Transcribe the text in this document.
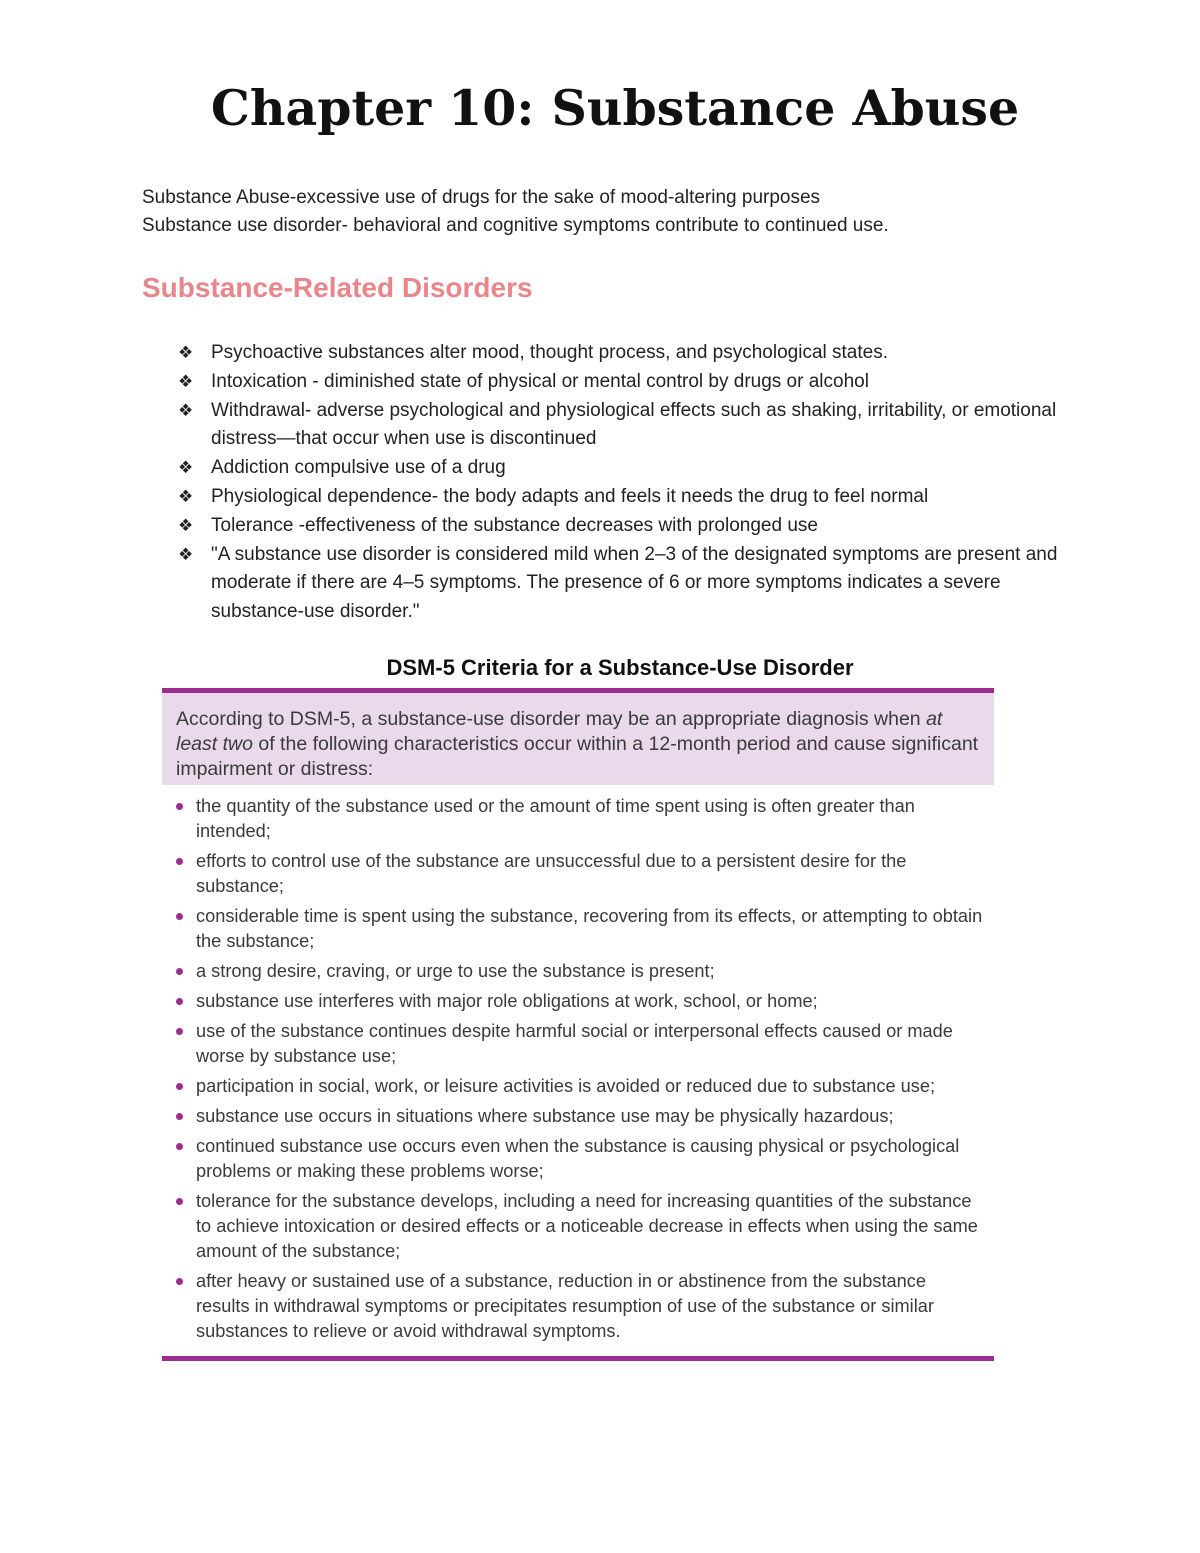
Chapter 10: Substance Abuse

Substance Abuse-excessive use of drugs for the sake of mood-altering purposes

Substance use disorder- behavioral and cognitive symptoms contribute to continued use.

Substance-Related Disorders
❖ Psychoactive substances alter mood, thought process, and psychological states.
❖ Intoxication - diminished state of physical or mental control by drugs or alcohol
❖ Withdrawal- adverse psychological and physiological effects such as shaking, irritability, or emotional distress—that occur when use is discontinued
❖ Addiction compulsive use of a drug
❖ Physiological dependence- the body adapts and feels it needs the drug to feel normal
❖ Tolerance -effectiveness of the substance decreases with prolonged use
❖ "A substance use disorder is considered mild when 2–3 of the designated symptoms are present and moderate if there are 4–5 symptoms. The presence of 6 or more symptoms indicates a severe substance-use disorder."
DSM-5 Criteria for a Substance-Use Disorder
According to DSM-5, a substance-use disorder may be an appropriate diagnosis when at least two of the following characteristics occur within a 12-month period and cause significant impairment or distress:
the quantity of the substance used or the amount of time spent using is often greater than intended;
efforts to control use of the substance are unsuccessful due to a persistent desire for the substance;
considerable time is spent using the substance, recovering from its effects, or attempting to obtain the substance;
a strong desire, craving, or urge to use the substance is present;
substance use interferes with major role obligations at work, school, or home;
use of the substance continues despite harmful social or interpersonal effects caused or made worse by substance use;
participation in social, work, or leisure activities is avoided or reduced due to substance use;
substance use occurs in situations where substance use may be physically hazardous;
continued substance use occurs even when the substance is causing physical or psychological problems or making these problems worse;
tolerance for the substance develops, including a need for increasing quantities of the substance to achieve intoxication or desired effects or a noticeable decrease in effects when using the same amount of the substance;
after heavy or sustained use of a substance, reduction in or abstinence from the substance results in withdrawal symptoms or precipitates resumption of use of the substance or similar substances to relieve or avoid withdrawal symptoms.
